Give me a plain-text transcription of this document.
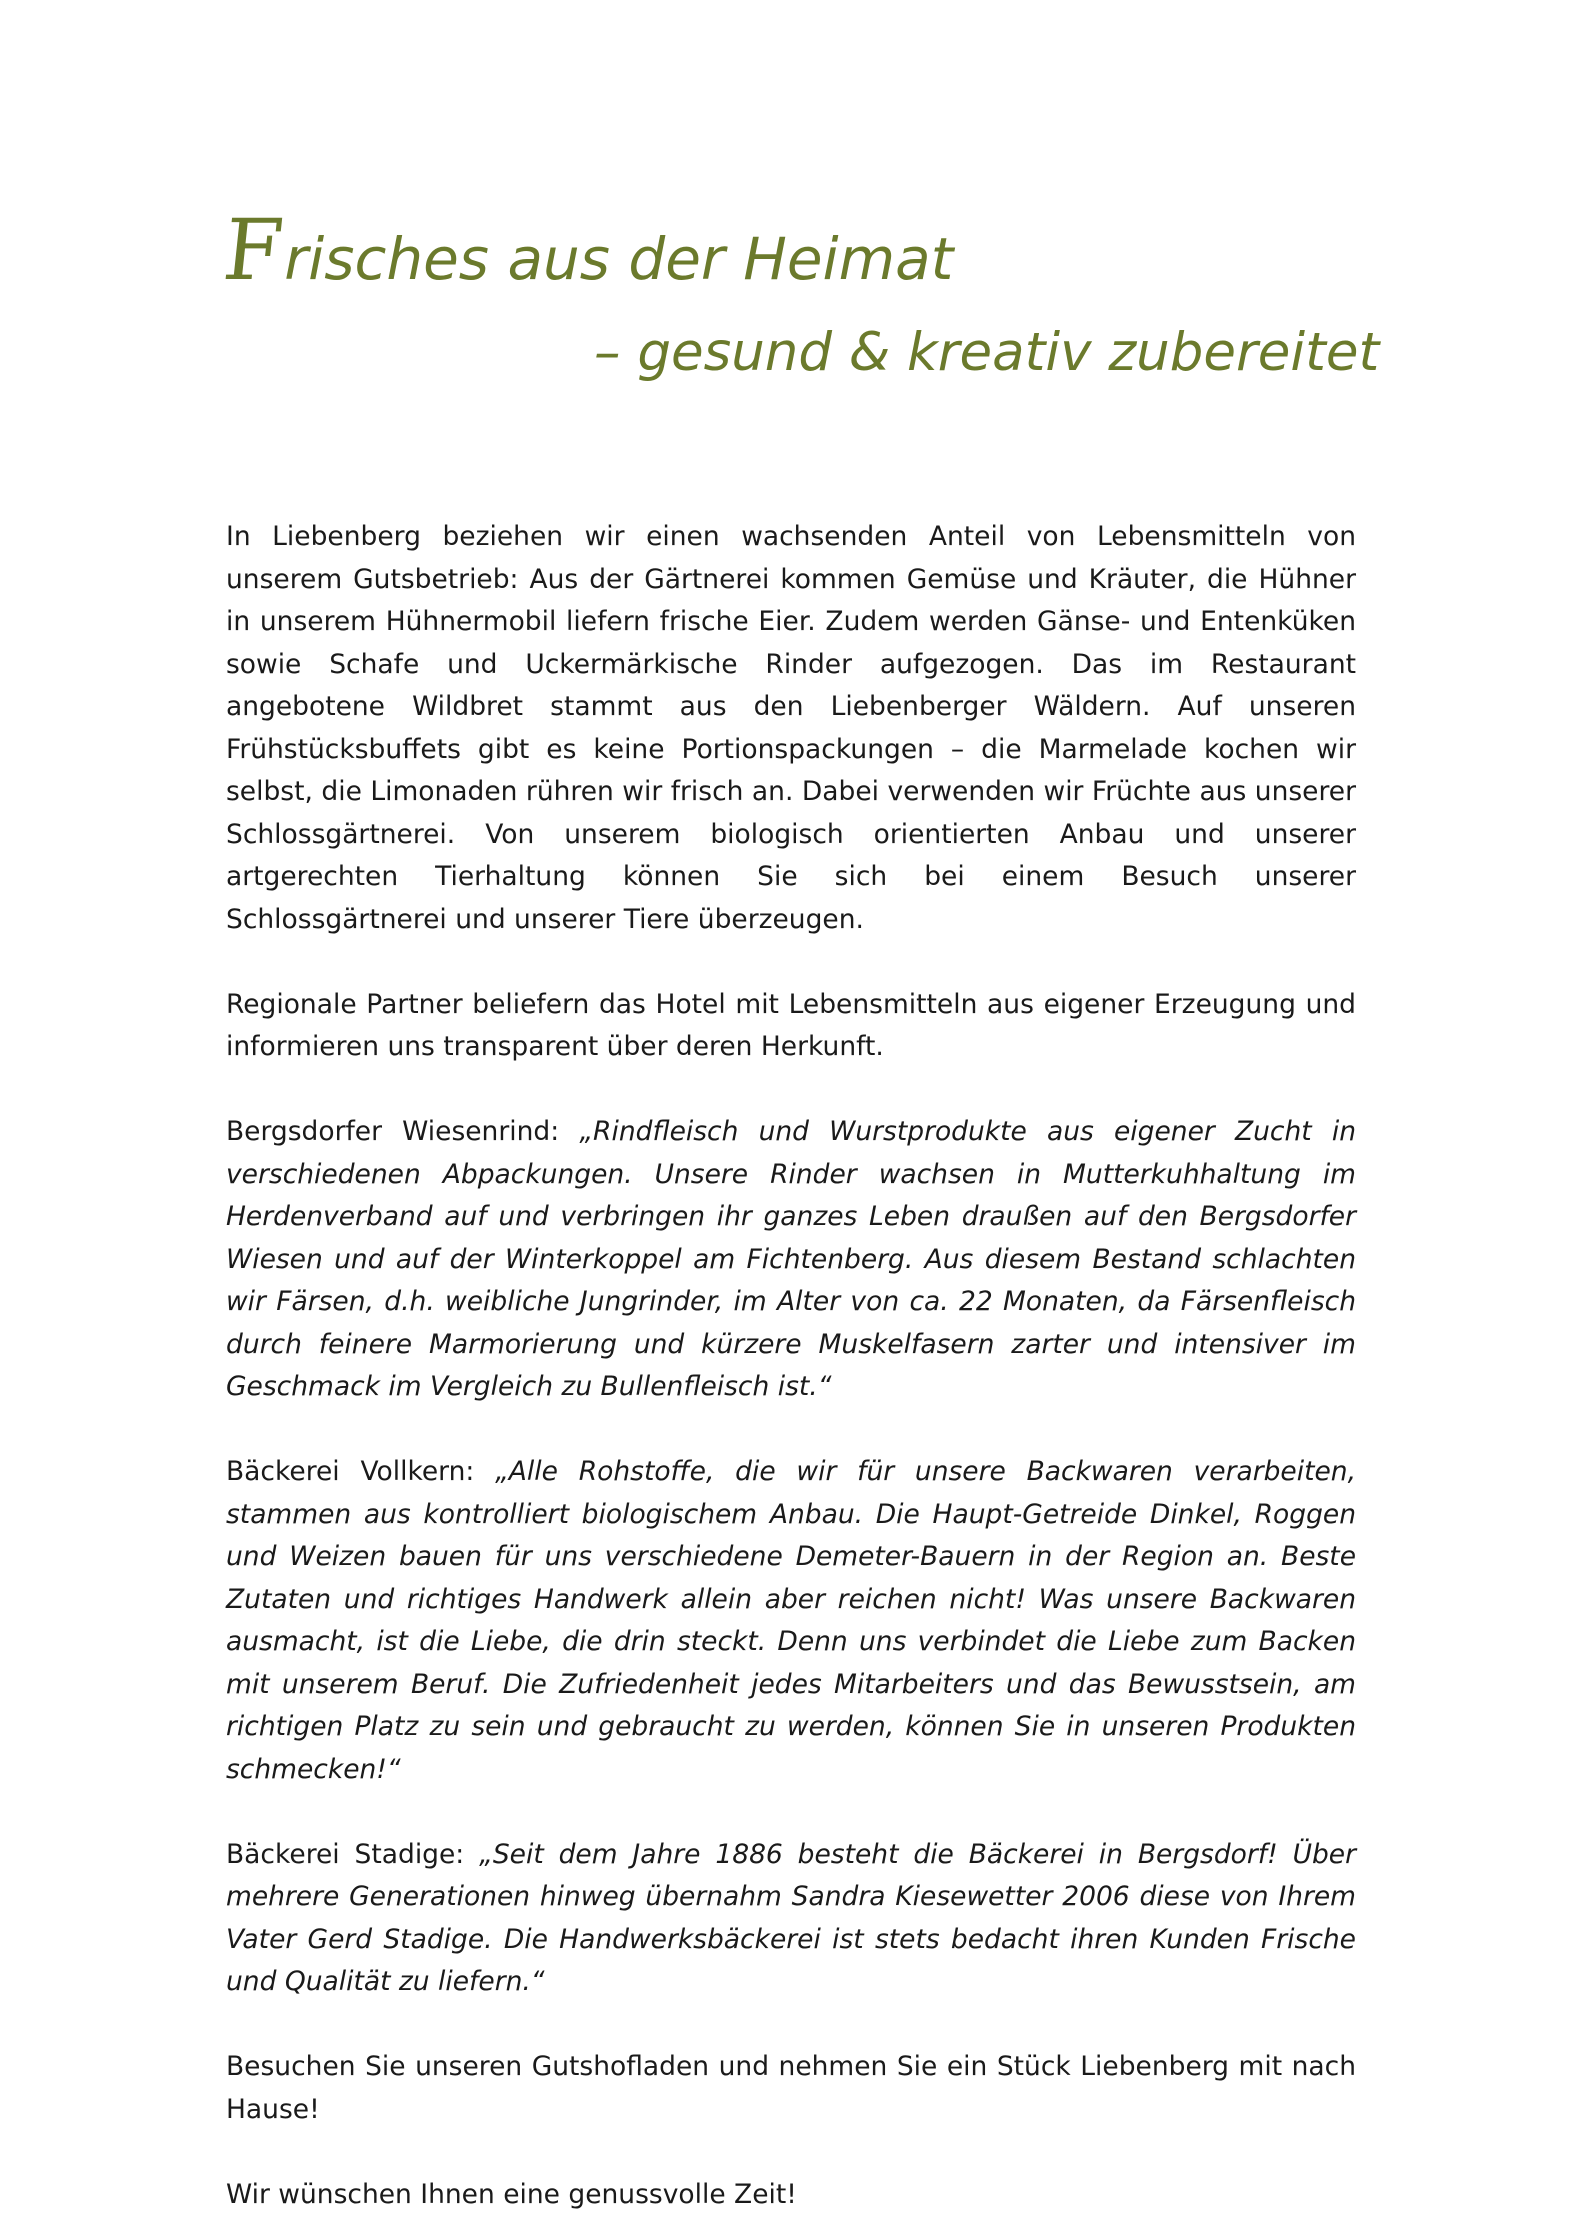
Frisches aus der Heimat
– gesund & kreativ zubereitet

In Liebenberg beziehen wir einen wachsenden Anteil von Lebensmitteln von unserem Gutsbetrieb: Aus der Gärtnerei kommen Gemüse und Kräuter, die Hühner in unserem Hühnermobil liefern frische Eier. Zudem werden Gänse- und Entenküken sowie Schafe und Uckermärkische Rinder aufgezogen. Das im Restaurant angebotene Wildbret stammt aus den Liebenberger Wäldern. Auf unseren Frühstücksbuffets gibt es keine Portionspackungen – die Marmelade kochen wir selbst, die Limonaden rühren wir frisch an. Dabei verwenden wir Früchte aus unserer Schlossgärtnerei. Von unserem biologisch orientierten Anbau und unserer artgerechten Tierhaltung können Sie sich bei einem Besuch unserer Schlossgärtnerei und unserer Tiere überzeugen.

Regionale Partner beliefern das Hotel mit Lebensmitteln aus eigener Erzeugung und informieren uns transparent über deren Herkunft.

Bergsdorfer Wiesenrind: „Rindfleisch und Wurstprodukte aus eigener Zucht in verschiedenen Abpackungen. Unsere Rinder wachsen in Mutterkuhhaltung im Herdenverband auf und verbringen ihr ganzes Leben draußen auf den Bergsdorfer Wiesen und auf der Winterkoppel am Fichtenberg. Aus diesem Bestand schlachten wir Färsen, d.h. weibliche Jungrinder, im Alter von ca. 22 Monaten, da Färsenfleisch durch feinere Marmorierung und kürzere Muskelfasern zarter und intensiver im Geschmack im Vergleich zu Bullenfleisch ist.“

Bäckerei Vollkern: „Alle Rohstoffe, die wir für unsere Backwaren verarbeiten, stammen aus kontrolliert biologischem Anbau. Die Haupt-Getreide Dinkel, Roggen und Weizen bauen für uns verschiedene Demeter-Bauern in der Region an. Beste Zutaten und richtiges Handwerk allein aber reichen nicht! Was unsere Backwaren ausmacht, ist die Liebe, die drin steckt. Denn uns verbindet die Liebe zum Backen mit unserem Beruf. Die Zufriedenheit jedes Mitarbeiters und das Bewusstsein, am richtigen Platz zu sein und gebraucht zu werden, können Sie in unseren Produkten schmecken!“

Bäckerei Stadige: „Seit dem Jahre 1886 besteht die Bäckerei in Bergsdorf! Über mehrere Generationen hinweg übernahm Sandra Kiesewetter 2006 diese von Ihrem Vater Gerd Stadige. Die Handwerksbäckerei ist stets bedacht ihren Kunden Frische und Qualität zu liefern.“

Besuchen Sie unseren Gutshofladen und nehmen Sie ein Stück Liebenberg mit nach Hause!

Wir wünschen Ihnen eine genussvolle Zeit!
